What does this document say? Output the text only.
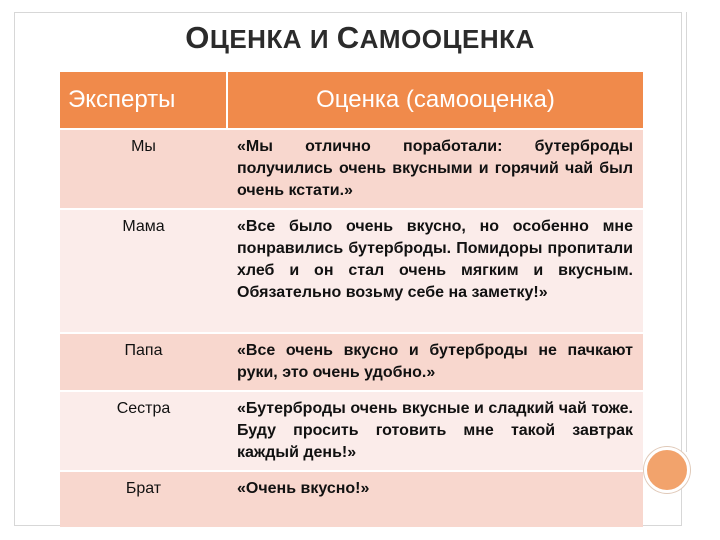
ОЦЕНКА И САМООЦЕНКА
Эксперты	Оценка (самооценка)
Мы	«Мы отлично поработали: бутерброды получились очень вкусными и горячий чай был очень кстати.»
Мама	«Все было очень вкусно, но особенно мне понравились бутерброды. Помидоры пропитали хлеб и он стал очень мягким и вкусным. Обязательно возьму себе на заметку!»
Папа	«Все очень вкусно и бутерброды не пачкают руки, это очень удобно.»
Сестра	«Бутерброды очень вкусные и сладкий чай тоже. Буду просить готовить мне такой завтрак каждый день!»
Брат	«Очень вкусно!»
